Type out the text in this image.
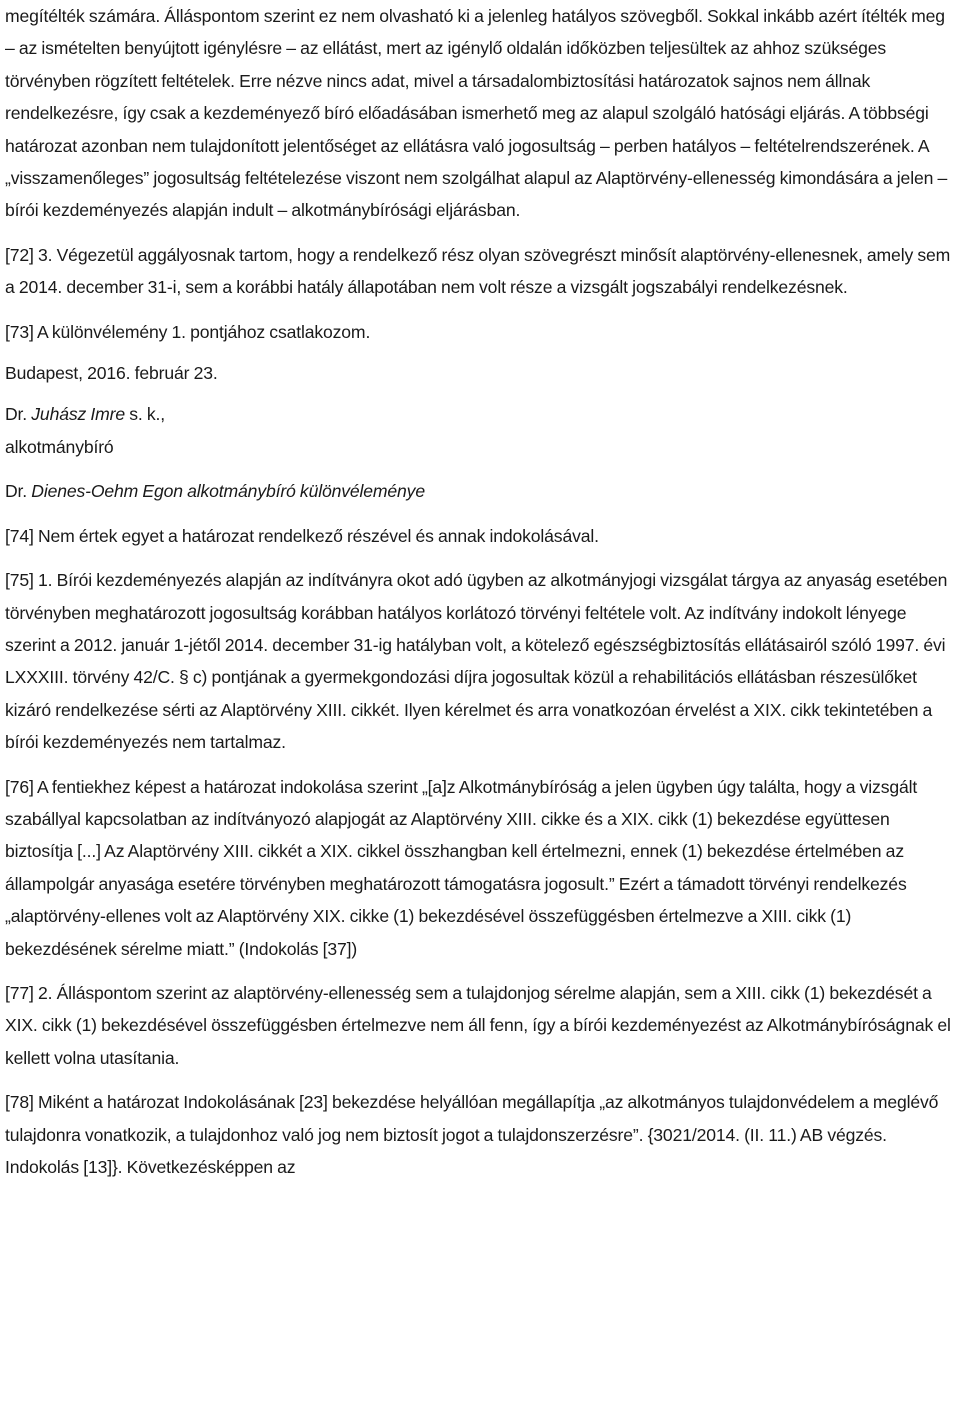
megítélték számára. Álláspontom szerint ez nem olvasható ki a jelenleg hatályos szövegből. Sokkal inkább azért ítélték meg – az ismételten benyújtott igénylésre – az ellátást, mert az igénylő oldalán időközben teljesültek az ahhoz szükséges törvényben rögzített feltételek. Erre nézve nincs adat, mivel a társadalombiztosítási határozatok sajnos nem állnak rendelkezésre, így csak a kezdeményező bíró előadásában ismerhető meg az alapul szolgáló hatósági eljárás. A többségi határozat azonban nem tulajdonított jelentőséget az ellátásra való jogosultság – perben hatályos – feltételrendszerének. A „visszamenőleges” jogosultság feltételezése viszont nem szolgálhat alapul az Alaptörvény-ellenesség kimondására a jelen – bírói kezdeményezés alapján indult – alkotmánybírósági eljárásban.

[72] 3. Végezetül aggályosnak tartom, hogy a rendelkező rész olyan szövegrészt minősít alaptörvény-ellenesnek, amely sem a 2014. december 31-i, sem a korábbi hatály állapotában nem volt része a vizsgált jogszabályi rendelkezésnek.

[73] A különvélemény 1. pontjához csatlakozom.

Budapest, 2016. február 23.

Dr. Juhász Imre s. k.,

alkotmánybíró

Dr. Dienes-Oehm Egon alkotmánybíró különvéleménye

[74] Nem értek egyet a határozat rendelkező részével és annak indokolásával.

[75] 1. Bírói kezdeményezés alapján az indítványra okot adó ügyben az alkotmányjogi vizsgálat tárgya az anyaság esetében törvényben meghatározott jogosultság korábban hatályos korlátozó törvényi feltétele volt. Az indítvány indokolt lényege szerint a 2012. január 1-jétől 2014. december 31-ig hatályban volt, a kötelező egészségbiztosítás ellátásairól szóló 1997. évi LXXXIII. törvény 42/C. § c) pontjának a gyermekgondozási díjra jogosultak közül a rehabilitációs ellátásban részesülőket kizáró rendelkezése sérti az Alaptörvény XIII. cikkét. Ilyen kérelmet és arra vonatkozóan érvelést a XIX. cikk tekintetében a bírói kezdeményezés nem tartalmaz.

[76] A fentiekhez képest a határozat indokolása szerint „[a]z Alkotmánybíróság a jelen ügyben úgy találta, hogy a vizsgált szabállyal kapcsolatban az indítványozó alapjogát az Alaptörvény XIII. cikke és a XIX. cikk (1) bekezdése együttesen biztosítja [...] Az Alaptörvény XIII. cikkét a XIX. cikkel összhangban kell értelmezni, ennek (1) bekezdése értelmében az állampolgár anyasága esetére törvényben meghatározott támogatásra jogosult.” Ezért a támadott törvényi rendelkezés „alaptörvény-ellenes volt az Alaptörvény XIX. cikke (1) bekezdésével összefüggésben értelmezve a XIII. cikk (1) bekezdésének sérelme miatt.” (Indokolás [37])

[77] 2. Álláspontom szerint az alaptörvény-ellenesség sem a tulajdonjog sérelme alapján, sem a XIII. cikk (1) bekezdését a XIX. cikk (1) bekezdésével összefüggésben értelmezve nem áll fenn, így a bírói kezdeményezést az Alkotmánybíróságnak el kellett volna utasítania.

[78] Miként a határozat Indokolásának [23] bekezdése helyállóan megállapítja „az alkotmányos tulajdonvédelem a meglévő tulajdonra vonatkozik, a tulajdonhoz való jog nem biztosít jogot a tulajdonszerzésre”. {3021/2014. (II. 11.) AB végzés. Indokolás [13]}. Következésképpen az
